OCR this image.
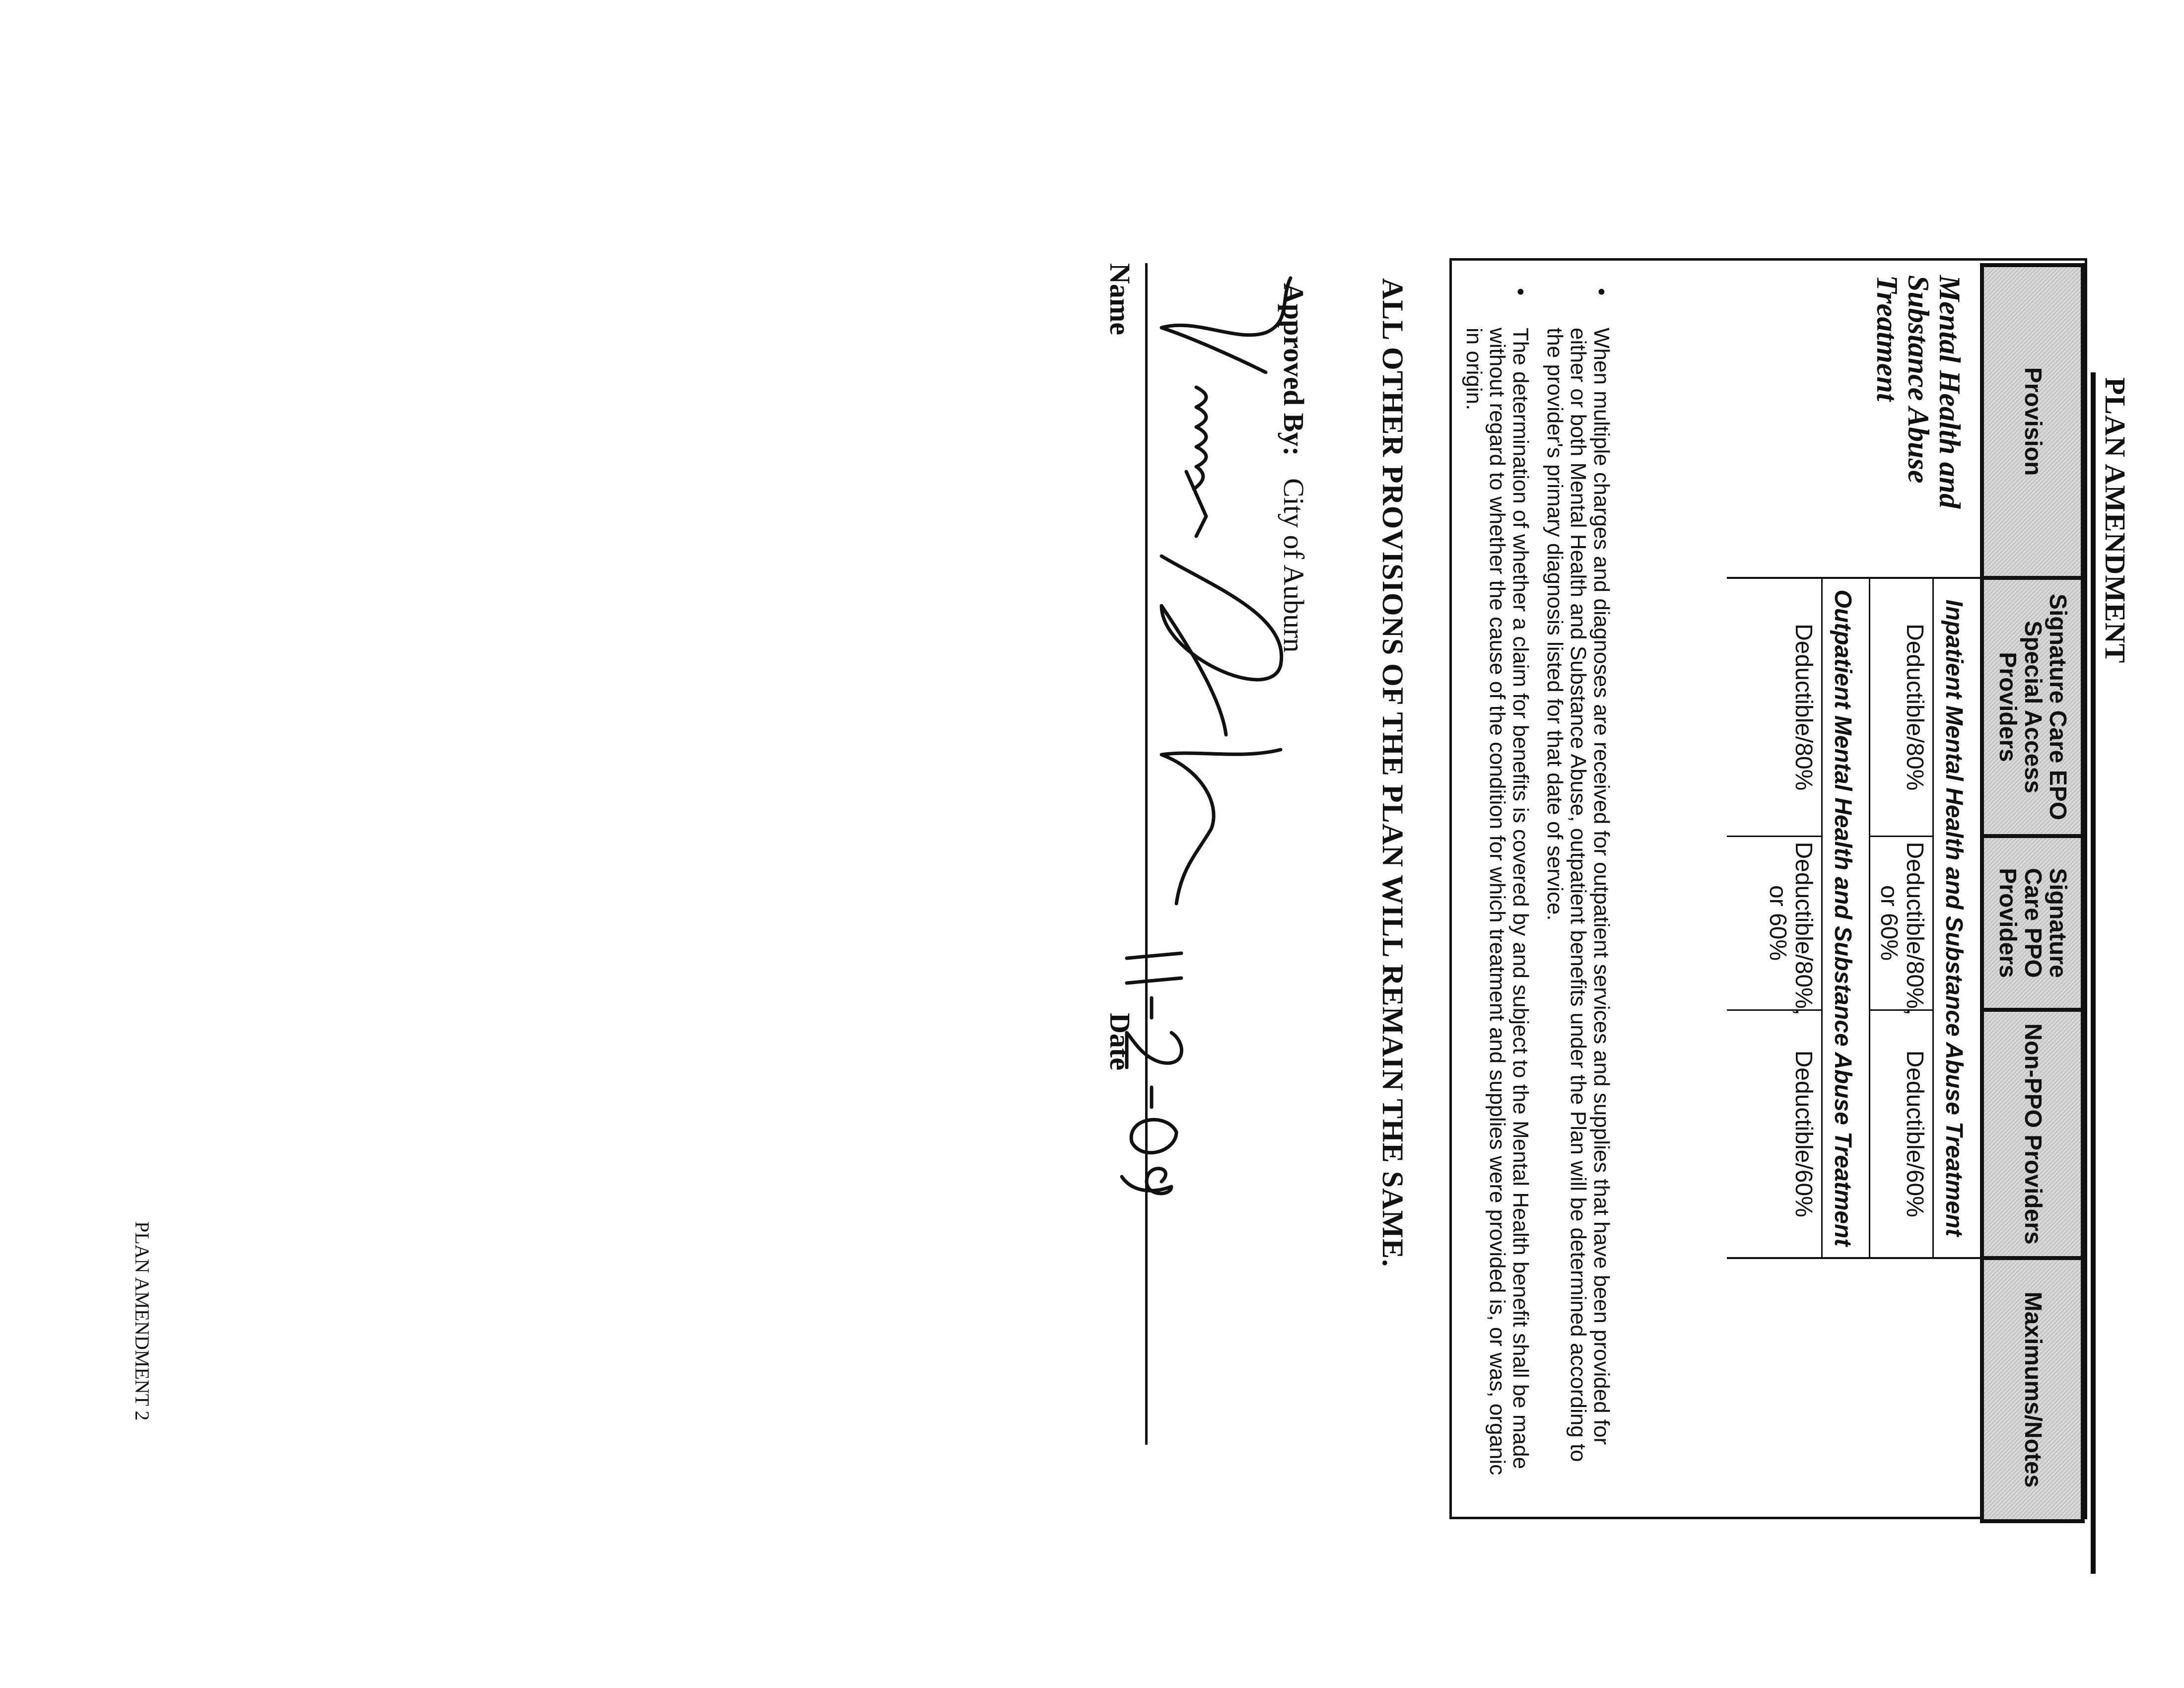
PLAN AMENDMENT
Provision	Signature Care EPO Special Access Providers	Signature Care PPO Providers	Non-PPO Providers	Maximums/Notes
Mental Health and Substance Abuse Treatment	Inpatient Mental Health and Substance Abuse Treatment			
	Deductible/80%	Deductible/80%, or 60%	Deductible/60%	
	Outpatient Mental Health and Substance Abuse Treatment			
	Deductible/80%	Deductible/80%, or 60%	Deductible/60%	
•
When multiple charges and diagnoses are received for outpatient services and supplies that have been provided for either or both Mental Health and Substance Abuse, outpatient benefits under the Plan will be determined according to the provider's primary diagnosis listed for that date of service.
•
The determination of whether a claim for benefits is covered by and subject to the Mental Health benefit shall be made without regard to whether the cause of the condition for which treatment and supplies were provided is, or was, organic in origin.
ALL OTHER PROVISIONS OF THE PLAN WILL REMAIN THE SAME.
Approved By: City of Auburn
Name
Date
11-12-09
PLAN AMENDMENT 2
